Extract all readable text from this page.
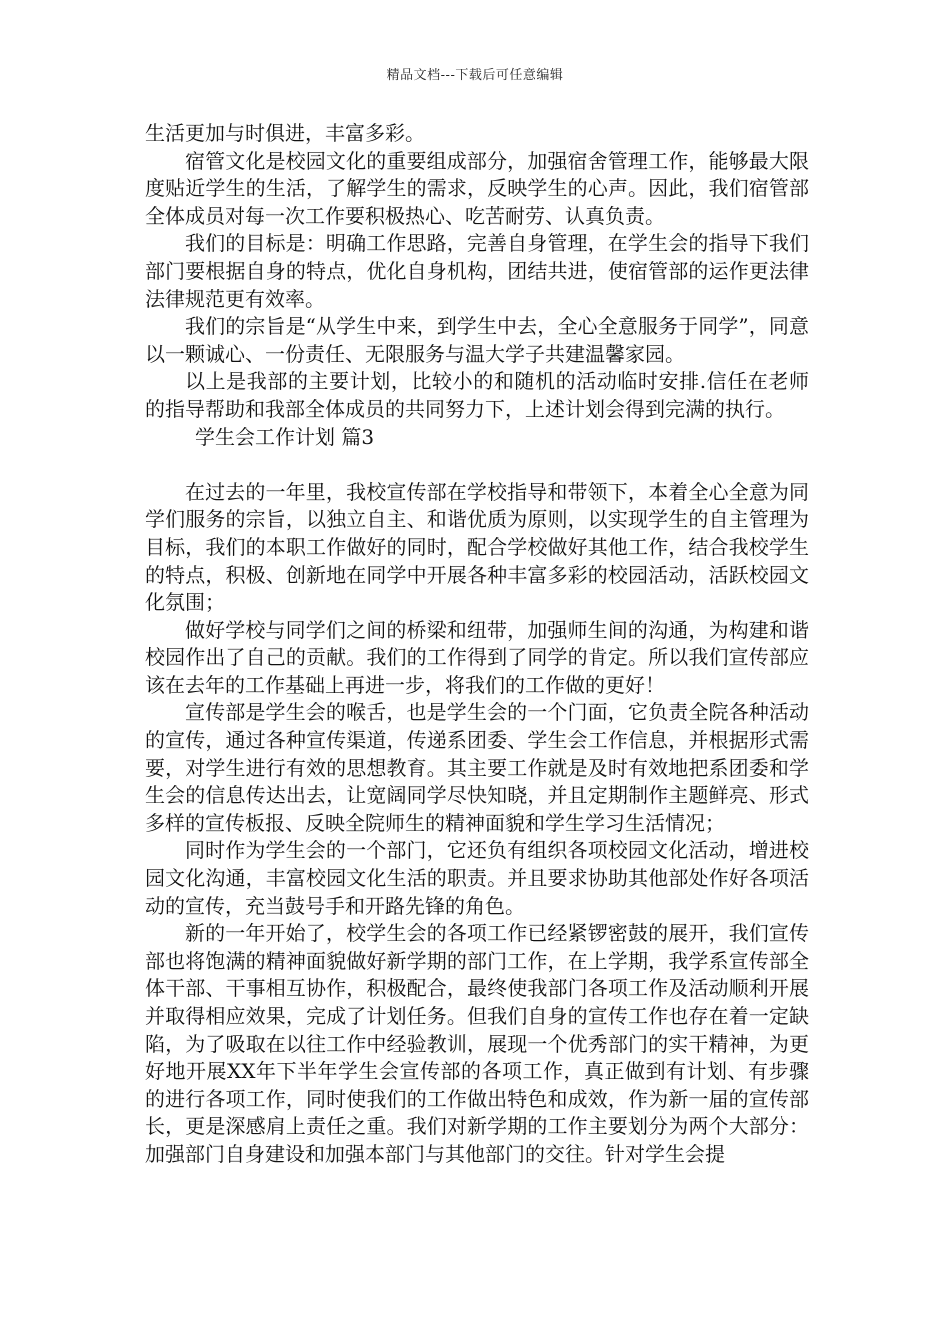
精品文档---下载后可任意编辑

生活更加与时俱进，丰富多彩。

宿管文化是校园文化的重要组成部分，加强宿舍管理工作，能够最大限度贴近学生的生活，了解学生的需求，反映学生的心声。因此，我们宿管部全体成员对每一次工作要积极热心、吃苦耐劳、认真负责。

我们的目标是：明确工作思路，完善自身管理，在学生会的指导下我们部门要根据自身的特点，优化自身机构，团结共进，使宿管部的运作更法律法律规范更有效率。

我们的宗旨是“从学生中来，到学生中去，全心全意服务于同学”，同意以一颗诚心、一份责任、无限服务与温大学子共建温馨家园。

以上是我部的主要计划，比较小的和随机的活动临时安排.信任在老师的指导帮助和我部全体成员的共同努力下，上述计划会得到完满的执行。

学生会工作计划 篇3

在过去的一年里，我校宣传部在学校指导和带领下，本着全心全意为同学们服务的宗旨，以独立自主、和谐优质为原则，以实现学生的自主管理为目标，我们的本职工作做好的同时，配合学校做好其他工作，结合我校学生的特点，积极、创新地在同学中开展各种丰富多彩的校园活动，活跃校园文化氛围；

做好学校与同学们之间的桥梁和纽带，加强师生间的沟通，为构建和谐校园作出了自己的贡献。我们的工作得到了同学的肯定。所以我们宣传部应该在去年的工作基础上再进一步，将我们的工作做的更好！

宣传部是学生会的喉舌，也是学生会的一个门面，它负责全院各种活动的宣传，通过各种宣传渠道，传递系团委、学生会工作信息，并根据形式需要，对学生进行有效的思想教育。其主要工作就是及时有效地把系团委和学生会的信息传达出去，让宽阔同学尽快知晓，并且定期制作主题鲜亮、形式多样的宣传板报、反映全院师生的精神面貌和学生学习生活情况；

同时作为学生会的一个部门，它还负有组织各项校园文化活动，增进校园文化沟通，丰富校园文化生活的职责。并且要求协助其他部处作好各项活动的宣传，充当鼓号手和开路先锋的角色。

新的一年开始了，校学生会的各项工作已经紧锣密鼓的展开，我们宣传部也将饱满的精神面貌做好新学期的部门工作，在上学期，我学系宣传部全体干部、干事相互协作，积极配合，最终使我部门各项工作及活动顺利开展并取得相应效果，完成了计划任务。但我们自身的宣传工作也存在着一定缺陷，为了吸取在以往工作中经验教训，展现一个优秀部门的实干精神，为更好地开展XX年下半年学生会宣传部的各项工作，真正做到有计划、有步骤的进行各项工作，同时使我们的工作做出特色和成效，作为新一届的宣传部长，更是深感肩上责任之重。我们对新学期的工作主要划分为两个大部分：加强部门自身建设和加强本部门与其他部门的交往。针对学生会提
